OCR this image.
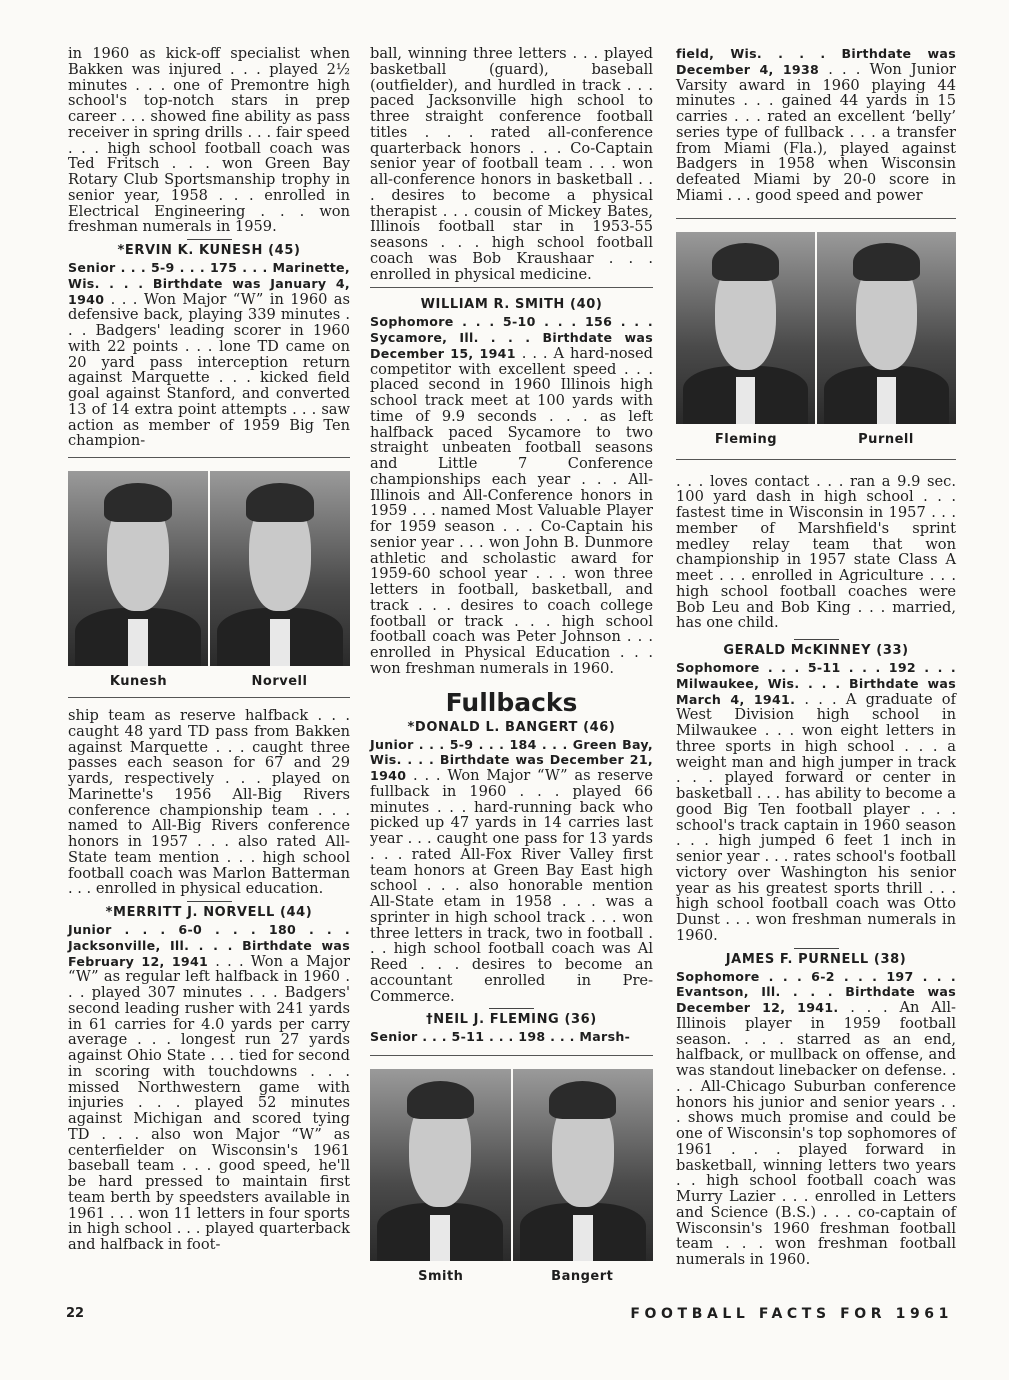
in 1960 as kick-off specialist when Bakken was injured . . . played 2½ minutes . . . one of Premontre high school's top-notch stars in prep career . . . showed fine ability as pass receiver in spring drills . . . fair speed . . . high school football coach was Ted Fritsch . . . won Green Bay Rotary Club Sportsmanship trophy in senior year, 1958 . . . enrolled in Electrical Engineering . . . won freshman numerals in 1959.

*ERVIN K. KUNESH (45)

Senior . . . 5-9 . . . 175 . . . Marinette, Wis. . . . Birthdate was January 4, 1940 . . . Won Major “W” in 1960 as defensive back, playing 339 minutes . . . Badgers' leading scorer in 1960 with 22 points . . . lone TD came on 20 yard pass interception return against Marquette . . . kicked field goal against Stanford, and converted 13 of 14 extra point attempts . . . saw action as member of 1959 Big Ten champion-

Kunesh	Norvell

ship team as reserve halfback . . . caught 48 yard TD pass from Bakken against Marquette . . . caught three passes each season for 67 and 29 yards, respectively . . . played on Marinette's 1956 All-Big Rivers conference championship team . . . named to All-Big Rivers conference honors in 1957 . . . also rated All-State team mention . . . high school football coach was Marlon Batterman . . . enrolled in physical education.

*MERRITT J. NORVELL (44)

Junior . . . 6-0 . . . 180 . . . Jacksonville, Ill. . . . Birthdate was February 12, 1941 . . . Won a Major “W” as regular left halfback in 1960 . . . played 307 minutes . . . Badgers' second leading rusher with 241 yards in 61 carries for 4.0 yards per carry average . . . longest run 27 yards against Ohio State . . . tied for second in scoring with touchdowns . . . missed Northwestern game with injuries . . . played 52 minutes against Michigan and scored tying TD . . . also won Major “W” as centerfielder on Wisconsin's 1961 baseball team . . . good speed, he'll be hard pressed to maintain first team berth by speedsters available in 1961 . . . won 11 letters in four sports in high school . . . played quarterback and halfback in foot-

ball, winning three letters . . . played basketball (guard), baseball (outfielder), and hurdled in track . . . paced Jacksonville high school to three straight conference football titles . . . rated all-conference quarterback honors . . . Co-Captain senior year of football team . . . won all-conference honors in basketball . . . desires to become a physical therapist . . . cousin of Mickey Bates, Illinois football star in 1953-55 seasons . . . high school football coach was Bob Kraushaar . . . enrolled in physical medicine.

WILLIAM R. SMITH (40)

Sophomore . . . 5-10 . . . 156 . . . Sycamore, Ill. . . . Birthdate was December 15, 1941 . . . A hard-nosed competitor with excellent speed . . . placed second in 1960 Illinois high school track meet at 100 yards with time of 9.9 seconds . . . as left halfback paced Sycamore to two straight unbeaten football seasons and Little 7 Conference championships each year . . . All-Illinois and All-Conference honors in 1959 . . . named Most Valuable Player for 1959 season . . . Co-Captain his senior year . . . won John B. Dunmore athletic and scholastic award for 1959-60 school year . . . won three letters in football, basketball, and track . . . desires to coach college football or track . . . high school football coach was Peter Johnson . . . enrolled in Physical Education . . . won freshman numerals in 1960.

Fullbacks

*DONALD L. BANGERT (46)

Junior . . . 5-9 . . . 184 . . . Green Bay, Wis. . . . Birthdate was December 21, 1940 . . . Won Major “W” as reserve fullback in 1960 . . . played 66 minutes . . . hard-running back who picked up 47 yards in 14 carries last year . . . caught one pass for 13 yards . . . rated All-Fox River Valley first team honors at Green Bay East high school . . . also honorable mention All-State etam in 1958 . . . was a sprinter in high school track . . . won three letters in track, two in football . . . high school football coach was Al Reed . . . desires to become an accountant enrolled in Pre-Commerce.

†NEIL J. FLEMING (36)

Senior . . . 5-11 . . . 198 . . . Marsh-

Smith	Bangert

field, Wis. . . . Birthdate was December 4, 1938 . . . Won Junior Varsity award in 1960 playing 44 minutes . . . gained 44 yards in 15 carries . . . rated an excellent ‘belly’ series type of fullback . . . a transfer from Miami (Fla.), played against Badgers in 1958 when Wisconsin defeated Miami by 20-0 score in Miami . . . good speed and power

Fleming	Purnell

. . . loves contact . . . ran a 9.9 sec. 100 yard dash in high school . . . fastest time in Wisconsin in 1957 . . . member of Marshfield's sprint medley relay team that won championship in 1957 state Class A meet . . . enrolled in Agriculture . . . high school football coaches were Bob Leu and Bob King . . . married, has one child.

GERALD McKINNEY (33)

Sophomore . . . 5-11 . . . 192 . . . Milwaukee, Wis. . . . Birthdate was March 4, 1941. . . . A graduate of West Division high school in Milwaukee . . . won eight letters in three sports in high school . . . a weight man and high jumper in track . . . played forward or center in basketball . . . has ability to become a good Big Ten football player . . . school's track captain in 1960 season . . . high jumped 6 feet 1 inch in senior year . . . rates school's football victory over Washington his senior year as his greatest sports thrill . . . high school football coach was Otto Dunst . . . won freshman numerals in 1960.

JAMES F. PURNELL (38)

Sophomore . . . 6-2 . . . 197 . . . Evantson, Ill. . . . Birthdate was December 12, 1941. . . . An All-Illinois player in 1959 football season. . . . starred as an end, halfback, or mullback on offense, and was standout linebacker on defense. . . . All-Chicago Suburban conference honors his junior and senior years . . . shows much promise and could be one of Wisconsin's top sophomores of 1961 . . . played forward in basketball, winning letters two years . . high school football coach was Murry Lazier . . . enrolled in Letters and Science (B.S.) . . . co-captain of Wisconsin's 1960 freshman football team . . . won freshman football numerals in 1960.

22	FOOTBALL FACTS FOR 1961
